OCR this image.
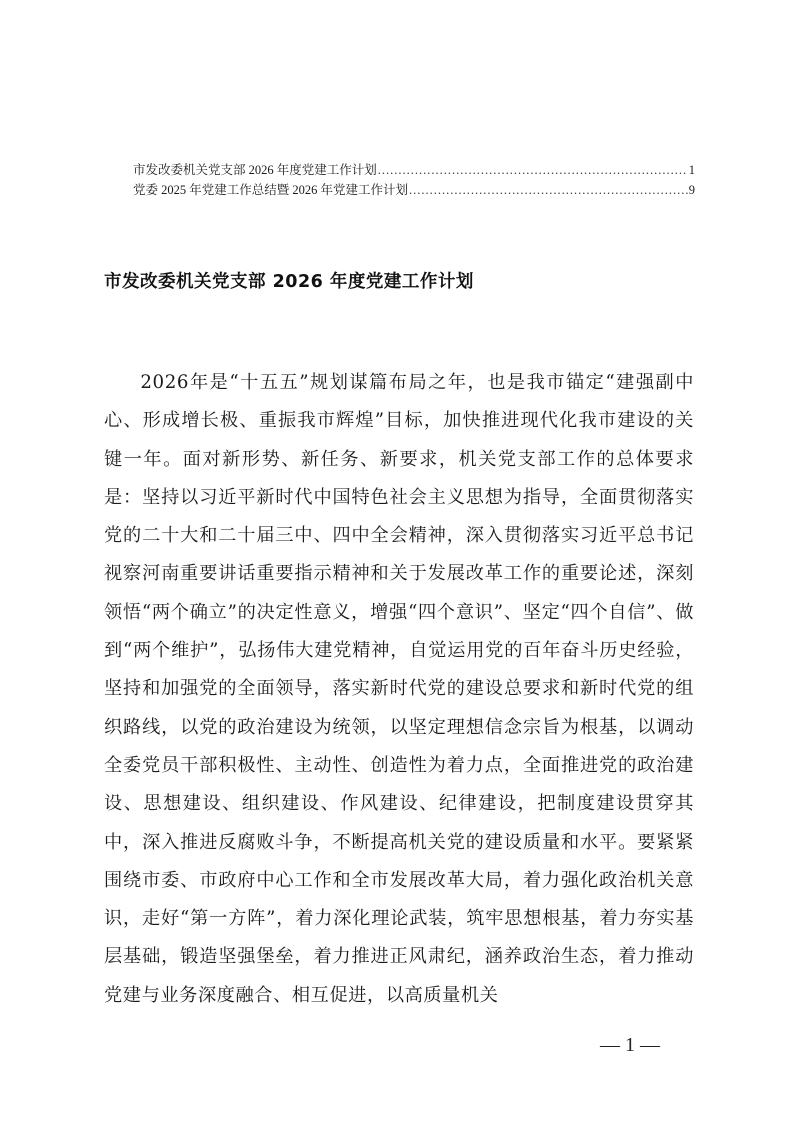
市发改委机关党支部 2026 年度党建工作计划 .....	1
党委 2025 年党建工作总结暨 2026 年党建工作计划 .....	9
市发改委机关党支部 2026 年度党建工作计划

2026年是“十五五”规划谋篇布局之年，也是我市锚定“建强副中心、形成增长极、重振我市辉煌”目标，加快推进现代化我市建设的关键一年。面对新形势、新任务、新要求，机关党支部工作的总体要求是：坚持以习近平新时代中国特色社会主义思想为指导，全面贯彻落实党的二十大和二十届三中、四中全会精神，深入贯彻落实习近平总书记视察河南重要讲话重要指示精神和关于发展改革工作的重要论述，深刻领悟“两个确立”的决定性意义，增强“四个意识”、坚定“四个自信”、做到“两个维护”，弘扬伟大建党精神，自觉运用党的百年奋斗历史经验，坚持和加强党的全面领导，落实新时代党的建设总要求和新时代党的组织路线，以党的政治建设为统领，以坚定理想信念宗旨为根基，以调动全委党员干部积极性、主动性、创造性为着力点，全面推进党的政治建设、思想建设、组织建设、作风建设、纪律建设，把制度建设贯穿其中，深入推进反腐败斗争，不断提高机关党的建设质量和水平。要紧紧围绕市委、市政府中心工作和全市发展改革大局，着力强化政治机关意识，走好“第一方阵”，着力深化理论武装，筑牢思想根基，着力夯实基层基础，锻造坚强堡垒，着力推进正风肃纪，涵养政治生态，着力推动党建与业务深度融合、相互促进，以高质量机关

— 1 —
